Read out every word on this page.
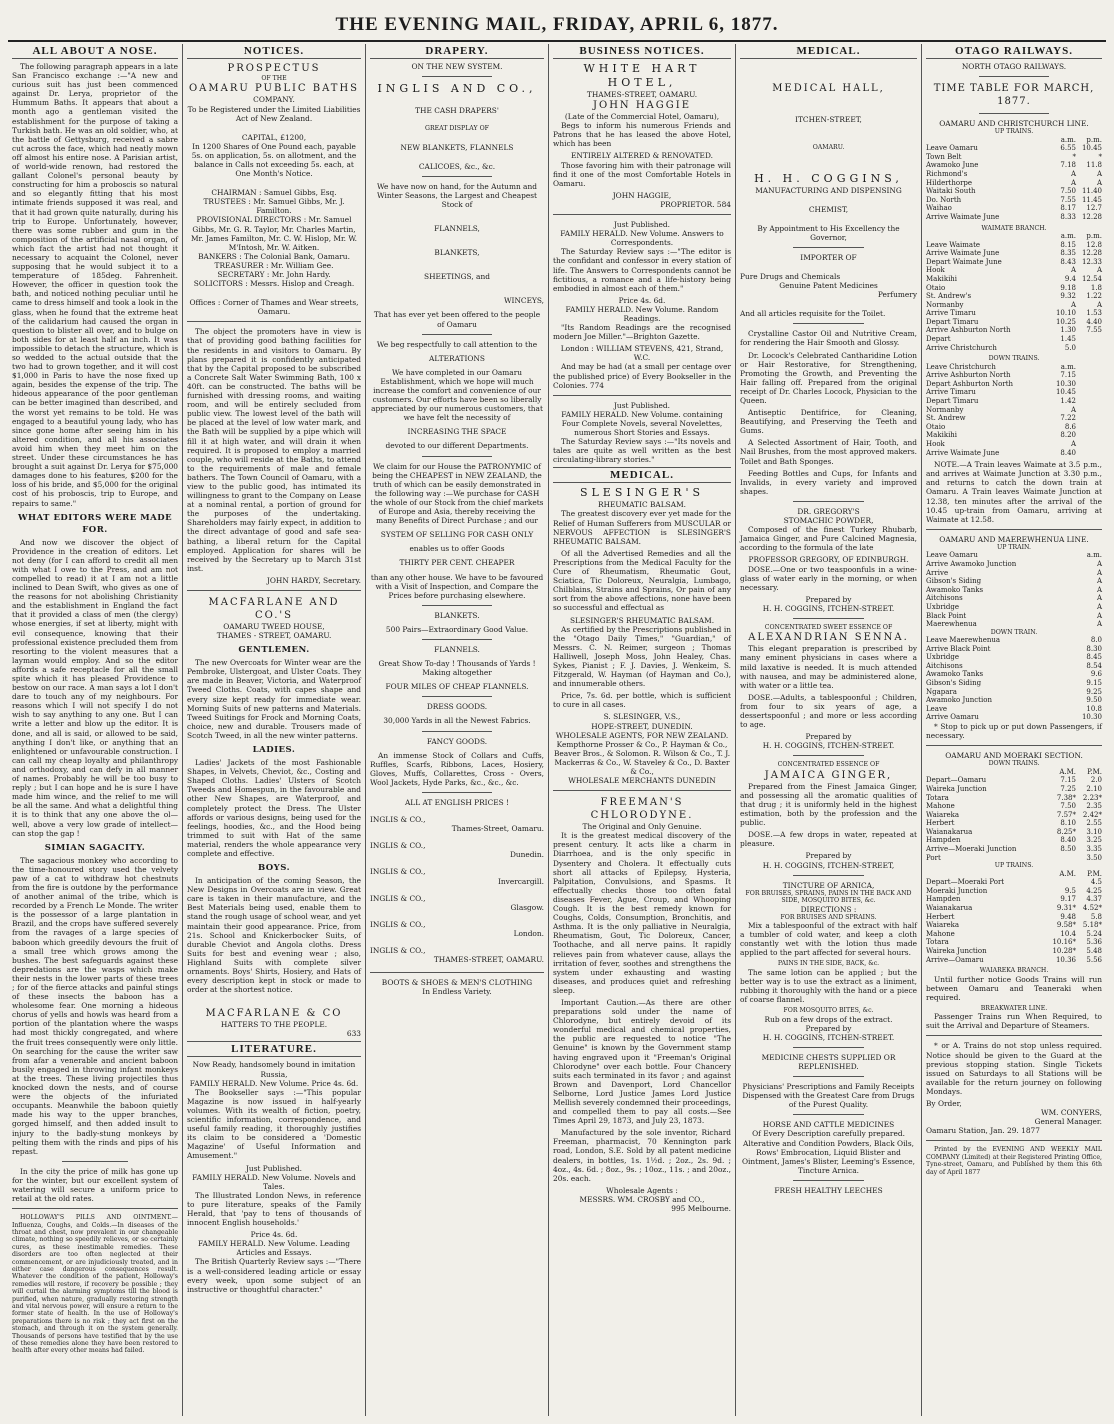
THE EVENING MAIL, FRIDAY, APRIL 6, 1877.
ALL ABOUT A NOSE.

The following paragraph appears in a late San Francisco exchange :—"A new and curious suit has just been commenced against Dr. Lerya, proprietor of the Hummum Baths. It appears that about a month ago a gentleman visited the establishment for the purpose of taking a Turkish bath. He was an old soldier, who, at the battle of Gettysburg, received a sabre cut across the face, which had neatly mown off almost his entire nose. A Parisian artist, of world-wide renown, had restored the gallant Colonel's personal beauty by constructing for him a proboscis so natural and so elegantly fitting that his most intimate friends supposed it was real, and that it had grown quite naturally, during his trip to Europe. Unfortunately, however, there was some rubber and gum in the composition of the artificial nasal organ, of which fact the artist had not thought it necessary to acquaint the Colonel, never supposing that he would subject it to a temperature of 185deg. Fahrenheit. However, the officer in question took the bath, and noticed nothing peculiar until he came to dress himself and took a look in the glass, when he found that the extreme heat of the calidarium had caused the organ in question to blister all over, and to bulge on both sides for at least half an inch. It was impossible to detach the structure, which is so wedded to the actual outside that the two had to grown together, and it will cost $1,000 in Paris to have the nose fixed up again, besides the expense of the trip. The hideous appearance of the poor gentleman can be better imagined than described, and the worst yet remains to be told. He was engaged to a beautiful young lady, who has since gone home after seeing him in his altered condition, and all his associates avoid him when they meet him on the street. Under these circumstances he has brought a suit against Dr. Lerya for $75,000 damages done to his features, $200 for the loss of his bride, and $5,000 for the original cost of his proboscis, trip to Europe, and repairs to same."

WHAT EDITORS WERE MADE FOR.

And now we discover the object of Providence in the creation of editors. Let not deny (for I can afford to credit all men with what I owe to the Press, and am not compelled to read) it at I am not a little inclined to Dean Swift, who gives as one of the reasons for not abolishing Christianity and the establishment in England the fact that it provided a class of men (the clergy) whose energies, if set at liberty, might with evil consequence, knowing that their professional existence precluded them from resorting to the violent measures that a layman would employ. And so the editor affords a safe receptacle for all the small spite which it has pleased Providence to bestow on our race. A man says a lot I don't dare to touch any of my neighbours. For reasons which I will not specify I do not wish to say anything to any one. But I can write a letter and blow up the editor. It is done, and all is said, or allowed to be said, anything I don't like, or anything that an enlightened or unfavourable construction. I can call my cheap loyalty and philanthropy and orthodoxy, and can defy in all manner of names. Probably he will be too busy to reply ; but I can hope and he is sure I have made him wince, and the relief to me will be all the same. And what a delightful thing it is to think that any one above the ol—well, above a very low grade of intellect—can stop the gap !

SIMIAN SAGACITY.

The sagacious monkey who according to the time-honoured story used the velvety paw of a cat to withdraw hot chestnuts from the fire is outdone by the performance of another animal of the tribe, which is recorded by a French Le Monde. The writer is the possessor of a large plantation in Brazil, and the crops have suffered severely from the ravages of a large species of baboon which greedily devours the fruit of a small tree which grows among the bushes. The best safeguards against these depredations are the wasps which make their nests in the lower parts of these trees ; for of the fierce attacks and painful stings of these insects the baboon has a wholesome fear. One morning a hideous chorus of yells and howls was heard from a portion of the plantation where the wasps had most thickly congregated, and where the fruit trees consequently were only little. On searching for the cause the writer saw from afar a venerable and ancient baboon busily engaged in throwing infant monkeys at the trees. These living projectiles thus knocked down the nests, and of course were the objects of the infuriated occupants. Meanwhile the baboon quietly made his way to the upper branches, gorged himself, and then added insult to injury to the badly-stung monkeys by pelting them with the rinds and pips of his repast.

In the city the price of milk has gone up for the winter, but our excellent system of watering will secure a uniform price to retail at the old rates.

HOLLOWAY'S PILLS AND OINTMENT.—Influenza, Coughs, and Colds.—In diseases of the throat and chest, now prevalent in our changeable climate, nothing so speedily relieves, or so certainly cures, as these inestimable remedies. These disorders are too often neglected at their commencement, or are injudiciously treated, and in either case dangerous consequences result. Whatever the condition of the patient, Holloway's remedies will restore, if recovery be possible ; they will curtail the alarming symptoms till the blood is purified, when nature, gradually restoring strength and vital nervous power, will ensure a return to the former state of health. In the use of Holloway's preparations there is no risk ; they act first on the stomach, and through it on the system generally. Thousands of persons have testified that by the use of these remedies alone they have been restored to health after every other means had failed.

NOTICES.
PROSPECTUS
OF THE
OAMARU PUBLIC BATHS
COMPANY.
To be Registered under the Limited Liabilities Act of New Zealand.
CAPITAL, £1200,
In 1200 Shares of One Pound each, payable 5s. on application, 5s. on allotment, and the balance in Calls not exceeding 5s. each, at One Month's Notice.
CHAIRMAN : Samuel Gibbs, Esq.
TRUSTEES : Mr. Samuel Gibbs, Mr. J. Familton.
PROVISIONAL DIRECTORS : Mr. Samuel Gibbs, Mr. G. R. Taylor, Mr. Charles Martin, Mr. James Familton, Mr. C. W. Hislop, Mr. W. M'Intosh, Mr. W. Aitken.
BANKERS : The Colonial Bank, Oamaru.
TREASURER : Mr. William Gee.
SECRETARY : Mr. John Hardy.
SOLICITORS : Messrs. Hislop and Creagh.
Offices : Corner of Thames and Wear streets, Oamaru.

The object the promoters have in view is that of providing good bathing facilities for the residents in and visitors to Oamaru. By plans prepared it is confidently anticipated that by the Capital proposed to be subscribed a Concrete Salt Water Swimming Bath, 100 x 40ft. can be constructed. The baths will be furnished with dressing rooms, and waiting room, and will be entirely secluded from public view. The lowest level of the bath will be placed at the level of low water mark, and the Bath will be supplied by a pipe which will fill it at high water, and will drain it when required. It is proposed to employ a married couple, who will reside at the Baths, to attend to the requirements of male and female bathers. The Town Council of Oamaru, with a view to the public good, has intimated its willingness to grant to the Company on Lease at a nominal rental, a portion of ground for the purposes of the undertaking. Shareholders may fairly expect, in addition to the direct advantage of good and safe sea-bathing, a liberal return for the Capital employed. Application for shares will be received by the Secretary up to March 31st inst.

JOHN HARDY, Secretary.
MACFARLANE AND CO.'S
OAMARU TWEED HOUSE,
THAMES - STREET, OAMARU.
GENTLEMEN.

The new Overcoats for Winter wear are the Pembroke, Ulstergoat, and Ulster Coats. They are made in Beaver, Victoria, and Waterproof Tweed Cloths. Coats, with capes shape and every size kept ready for immediate wear. Morning Suits of new patterns and Materials. Tweed Suitings for Frock and Morning Coats, choice, new and durable. Trousers made of Scotch Tweed, in all the new winter patterns.

LADIES.

Ladies' Jackets of the most Fashionable Shapes, in Velvets, Cheviot, &c., Costing and Shaped Cloths. Ladies' Ulsters of Scotch Tweeds and Homespun, in the favourable and other New Shapes, are Waterproof, and completely protect the Dress. The Ulster affords or various designs, being used for the feelings, hoodies, &c., and the Hood being trimmed to suit with Hat of the same material, renders the whole appearance very complete and effective.

BOYS.

In anticipation of the coming Season, the New Designs in Overcoats are in view. Great care is taken in their manufacture, and the Best Materials being used, enable them to stand the rough usage of school wear, and yet maintain their good appearance. Price, from 21s. School and Knickerbocker Suits, of durable Cheviot and Angola cloths. Dress Suits for best and evening wear ; also, Highland Suits with complete silver ornaments. Boys' Shirts, Hosiery, and Hats of every description kept in stock or made to order at the shortest notice.

MACFARLANE & CO
HATTERS TO THE PEOPLE.
633
LITERATURE.
Now Ready, handsomely bound in imitation Russia,
FAMILY HERALD. New Volume. Price 4s. 6d.

The Bookseller says :—"This popular Magazine is now issued in half-yearly volumes. With its wealth of fiction, poetry, scientific information, correspondence, and useful family reading, it thoroughly justifies its claim to be considered a 'Domestic Magazine' of Useful Information and Amusement."

Just Published.
FAMILY HERALD. New Volume. Novels and Tales.

The Illustrated London News, in reference to pure literature, speaks of the Family Herald, that 'pay to tens of thousands of innocent English households.'

Price 4s. 6d.
FAMILY HERALD. New Volume. Leading Articles and Essays.

The British Quarterly Review says :—"There is a well-considered leading article or essay every week, upon some subject of an instructive or thoughtful character."

DRAPERY.
ON THE NEW SYSTEM.
INGLIS AND CO.,
THE CASH DRAPERS'
GREAT DISPLAY OF
NEW BLANKETS, FLANNELS
CALICOES, &c., &c.
We have now on hand, for the Autumn and Winter Seasons, the Largest and Cheapest Stock of
FLANNELS,
BLANKETS,
SHEETINGS, and
WINCEYS,
That has ever yet been offered to the people of Oamaru
We beg respectfully to call attention to the
ALTERATIONS
We have completed in our Oamaru Establishment, which we hope will much increase the comfort and convenience of our customers. Our efforts have been so liberally appreciated by our numerous customers, that we have felt the necessity of
INCREASING THE SPACE
devoted to our different Departments.
We claim for our House the PATRONYMIC of being the CHEAPEST in NEW ZEALAND, the truth of which can be easily demonstrated in the following way :—We purchase for CASH the whole of our Stock from the chief markets of Europe and Asia, thereby receiving the many Benefits of Direct Purchase ; and our
SYSTEM OF SELLING FOR CASH ONLY
enables us to offer Goods
THIRTY PER CENT. CHEAPER
than any other house. We have to be favoured with a Visit of Inspection, and Compare the Prices before purchasing elsewhere.
BLANKETS.
500 Pairs—Extraordinary Good Value.
FLANNELS.
Great Show To-day ! Thousands of Yards ! Making altogether
FOUR MILES OF CHEAP FLANNELS.
DRESS GOODS.
30,000 Yards in all the Newest Fabrics.
FANCY GOODS.

An immense Stock of Collars and Cuffs, Ruffles, Scarfs, Ribbons, Laces, Hosiery, Gloves, Muffs, Collarettes, Cross - Overs, Wool Jackets, Hyde Parks, &c., &c., &c.

ALL AT ENGLISH PRICES !
INGLIS & CO.,
Thames-Street, Oamaru.
INGLIS & CO.,
Dunedin.
INGLIS & CO.,
Invercargill.
INGLIS & CO.,
Glasgow.
INGLIS & CO.,
London.
INGLIS & CO.,
THAMES-STREET, OAMARU.
BOOTS & SHOES & MEN'S CLOTHING
In Endless Variety.
BUSINESS NOTICES.
WHITE HART HOTEL,
THAMES-STREET, OAMARU.
JOHN HAGGIE
(Late of the Commercial Hotel, Oamaru),

Begs to inform his numerous Friends and Patrons that he has leased the above Hotel, which has been

ENTIRELY ALTERED & RENOVATED.

Those favoring him with their patronage will find it one of the most Comfortable Hotels in Oamaru.

JOHN HAGGIE,
PROPRIETOR. 584
Just Published.
FAMILY HERALD. New Volume. Answers to Correspondents.

The Saturday Review says :—"The editor is the confidant and confessor in every station of life. The Answers to Correspondents cannot be fictitious, a romance and a life-history being embodied in almost each of them."

Price 4s. 6d.
FAMILY HERALD. New Volume. Random Readings.

"Its Random Readings are the recognised modern Joe Miller."—Brighton Gazette.

London : WILLIAM STEVENS, 421, Strand, W.C.

And may be had (at a small per centage over the published price) of Every Bookseller in the Colonies. 774

Just Published.
FAMILY HERALD. New Volume. containing Four Complete Novels, several Novelettes, numerous Short Stories and Essays.

The Saturday Review says :—"Its novels and tales are quite as well written as the best circulating-library stories."

MEDICAL.
SLESINGER'S
RHEUMATIC BALSAM.

The greatest discovery ever yet made for the Relief of Human Sufferers from MUSCULAR or NERVOUS AFFECTION is SLESINGER'S RHEUMATIC BALSAM.

Of all the Advertised Remedies and all the Prescriptions from the Medical Faculty for the Cure of Rheumatism, Rheumatic Gout, Sciatica, Tic Doloreux, Neuralgia, Lumbago, Chilblains, Strains and Sprains, Or pain of any sort from the above affections, none have been so successful and effectual as

SLESINGER'S RHEUMATIC BALSAM.

As certified by the Prescriptions published in the "Otago Daily Times," "Guardian," of Messrs. C. N. Reimer, surgeon ; Thomas Halliwell, Joseph Moss, John Healey, Chas. Sykes, Pianist ; F. J. Davies, J. Wenkeim, S. Fitzgerald, W. Hayman (of Hayman and Co.), and innumerable others.

Price, 7s. 6d. per bottle, which is sufficient to cure in all cases.

S. SLESINGER, V.S.,
HOPE-STREET, DUNEDIN.
WHOLESALE AGENTS, FOR NEW ZEALAND.
Kempthorne Prosser & Co., P. Hayman & Co., Beaver Bros., & Solomon. R. Wilson & Co., T. J. Mackerras & Co., W. Staveley & Co., D. Baxter & Co.,
WHOLESALE MERCHANTS DUNEDIN
FREEMAN'S CHLORODYNE.
The Original and Only Genuine.

It is the greatest medical discovery of the present century. It acts like a charm in Diarrhoea, and is the only specific in Dysentery and Cholera. It effectually cuts short all attacks of Epilepsy, Hysteria, Palpitation, Convulsions, and Spasms. It effectually checks those too often fatal diseases Fever, Ague, Croup, and Whooping Cough. It is the best remedy known for Coughs, Colds, Consumption, Bronchitis, and Asthma. It is the only palliative in Neuralgia, Rheumatism, Gout, Tic Doloreux, Cancer, Toothache, and all nerve pains. It rapidly relieves pain from whatever cause, allays the irritation of fever, soothes and strengthens the system under exhausting and wasting diseases, and produces quiet and refreshing sleep.

Important Caution.—As there are other preparations sold under the name of Chlorodyne, but entirely devoid of its wonderful medical and chemical properties, the public are requested to notice "The Genuine" is known by the Government stamp having engraved upon it "Freeman's Original Chlorodyne" over each bottle. Four Chancery suits each terminated in its favor ; and against Brown and Davenport, Lord Chancellor Selborne, Lord Justice James Lord Justice Mellish severely condemned their proceedings, and compelled them to pay all costs.—See Times April 29, 1873, and July 23, 1873.

Manufactured by the sole inventor, Richard Freeman, pharmacist, 70 Kennington park road, London, S.E. Sold by all patent medicine dealers, in bottles, 1s. 1½d. ; 2oz., 2s. 9d. ; 4oz., 4s. 6d. ; 8oz., 9s. ; 10oz., 11s. ; and 20oz., 20s. each.

Wholesale Agents :
MESSRS. WM. CROSBY and CO.,
995 Melbourne.
MEDICAL.
MEDICAL HALL,
ITCHEN-STREET,
OAMARU.
H. H. COGGINS,
MANUFACTURING AND DISPENSING
CHEMIST,
By Appointment to His Excellency the Governor,
IMPORTER OF
Pure Drugs and Chemicals
Genuine Patent Medicines
Perfumery
And all articles requisite for the Toilet.

Crystalline Castor Oil and Nutritive Cream, for rendering the Hair Smooth and Glossy.

Dr. Locock's Celebrated Cantharidine Lotion or Hair Restorative, for Strengthening, Promoting the Growth, and Preventing the Hair falling off. Prepared from the original receipt of Dr. Charles Locock, Physician to the Queen.

Antiseptic Dentifrice, for Cleaning, Beautifying, and Preserving the Teeth and Gums.

A Selected Assortment of Hair, Tooth, and Nail Brushes, from the most approved makers. Toilet and Bath Sponges.

Feeding Bottles and Cups, for Infants and Invalids, in every variety and improved shapes.

DR. GREGORY'S
STOMACHIC POWDER,

Composed of the finest Turkey Rhubarb, Jamaica Ginger, and Pure Calcined Magnesia, according to the formula of the late

PROFESSOR GREGORY, OF EDINBURGH.

DOSE.—One or two teaspoonfuls in a wine-glass of water early in the morning, or when necessary.

Prepared by
H. H. COGGINS, ITCHEN-STREET.
CONCENTRATED SWEET ESSENCE OF
ALEXANDRIAN SENNA.

This elegant preparation is prescribed by many eminent physicians in cases where a mild laxative is needed. It is much attended with nausea, and may be administered alone, with water or a little tea.

DOSE.—Adults, a tablespoonful ; Children, from four to six years of age, a dessertspoonful ; and more or less according to age.

Prepared by
H. H. COGGINS, ITCHEN-STREET.
CONCENTRATED ESSENCE OF
JAMAICA GINGER,

Prepared from the Finest Jamaica Ginger, and possessing all the aromatic qualities of that drug ; it is uniformly held in the highest estimation, both by the profession and the public.

DOSE.—A few drops in water, repeated at pleasure.

Prepared by
H. H. COGGINS, ITCHEN-STREET,
TINCTURE OF ARNICA,
FOR BRUISES, SPRAINS, PAINS IN THE BACK AND SIDE, MOSQUITO BITES, &c.
DIRECTIONS :
FOR BRUISES AND SPRAINS.

Mix a tablespoonful of the extract with half a tumbler of cold water, and keep a cloth constantly wet with the lotion thus made applied to the part affected for several hours.

PAINS IN THE SIDE, BACK, &c.

The same lotion can be applied ; but the better way is to use the extract as a liniment, rubbing it thoroughly with the hand or a piece of coarse flannel.

FOR MOSQUITO BITES, &c.
Rub on a few drops of the extract.
Prepared by
H. H. COGGINS, ITCHEN-STREET.
MEDICINE CHESTS SUPPLIED OR REPLENISHED.
Physicians' Prescriptions and Family Receipts Dispensed with the Greatest Care from Drugs of the Purest Quality.
HORSE AND CATTLE MEDICINES
Of Every Description carefully prepared. Alterative and Condition Powders, Black Oils, Rows' Embrocation, Liquid Blister and Ointment, James's Blister, Leeming's Essence, Tincture Arnica.
FRESH HEALTHY LEECHES
OTAGO RAILWAYS.
NORTH OTAGO RAILWAYS.
TIME TABLE FOR MARCH, 1877.
OAMARU AND CHRISTCHURCH LINE.
UP TRAINS.
	a.m.	p.m.
Leave Oamaru	6.55	10.45
Town Belt	*	*
Awamoko June	7.18	11.8
Richmond's	A	A
Hilderthorpe	A	A
Waitaki South	7.50	11.40
Do. North	7.55	11.45
Waihao	8.17	12.7
Arrive Waimate June	8.33	12.28
WAIMATE BRANCH.
	a.m.	p.m.
Leave Waimate	8.15	12.8
Arrive Waimate June	8.35	12.28
Depart Waimate June	8.43	12.33
Hook	A	A
Makikihi	9.4	12.54
Otaio	9.18	1.8
St. Andrew's	9.32	1.22
Normanby	A	A
Arrive Timaru	10.10	1.53
Depart Timaru	10.25	4.40
Arrive Ashburton North	1.30	7.55
Depart	1.45	
Arrive Christchurch	5.0	
DOWN TRAINS.
Leave Christchurch	a.m.	
Arrive Ashburton North	7.15	
Depart Ashburton North	10.30	
Arrive Timaru	10.45	
Depart Timaru	1.42	
Normanby	A	
St. Andrew	7.22	
Otaio	8.6	
Makikihi	8.20	
Hook	A	
Arrive Waimate June	8.40	

NOTE.—A Train leaves Waimate at 3.5 p.m., and arrives at Waimate Junction at 3.30 p.m., and returns to catch the down train at Oamaru. A Train leaves Waimate Junction at 12.38, ten minutes after the arrival of the 10.45 up-train from Oamaru, arriving at Waimate at 12.58.

OAMARU AND MAEREWHENUA LINE.
UP TRAIN.
Leave Oamaru	a.m.
Arrive Awamoko Junction	A
Arrive	A
Gibson's Siding	A
Awamoko Tanks	A
Aitchisons	A
Uxbridge	A
Black Point	A
Maerewhenua	A
DOWN TRAIN.
Leave Maerewhenua	8.0
Arrive Black Point	8.30
Uxbridge	8.45
Aitchisons	8.54
Awamoko Tanks	9.6
Gibson's Siding	9.15
Ngapara	9.25
Awamoko Junction	9.50
Leave	10.8
Arrive Oamaru	10.30

* Stop to pick up or put down Passengers, if necessary.

OAMARU AND MOERAKI SECTION.
DOWN TRAINS.
	A.M.	P.M.
Depart—Oamaru	7.15	2.0
Waireka Junction	7.25	2.10
Totara	7.38*	2.23*
Mahone	7.50	2.35
Waiareka	7.57*	2.42*
Herbert	8.10	2.55
Waianakarua	8.25*	3.10
Hampden	8.40	3.25
Arrive—Moeraki Junction	8.50	3.35
Port		3.50
UP TRAINS.
	A.M.	P.M.
Depart—Moeraki Port		4.5
Moeraki Junction	9.5	4.25
Hampden	9.17	4.37
Waianakarua	9.31*	4.52*
Herbert	9.48	5.8
Waiareka	9.58*	5.18*
Mahone	10.4	5.24
Totara	10.16*	5.36
Waireka Junction	10.28*	5.48
Arrive—Oamaru	10.36	5.56
WAIAREKA BRANCH.

Until further notice Goods Trains will run between Oamaru and Teaneraki when required.

BREAKWATER LINE.

Passenger Trains run When Required, to suit the Arrival and Departure of Steamers.

* or A. Trains do not stop unless required. Notice should be given to the Guard at the previous stopping station. Single Tickets issued on Saturdays to all Stations will be available for the return journey on following Mondays.

By Order,
WM. CONYERS,
General Manager.
Oamaru Station, Jan. 29. 1877

Printed by the EVENING AND WEEKLY MAIL COMPANY (Limited) at their Registered Printing Office, Tyne-street, Oamaru, and Published by them this 6th day of April 1877
